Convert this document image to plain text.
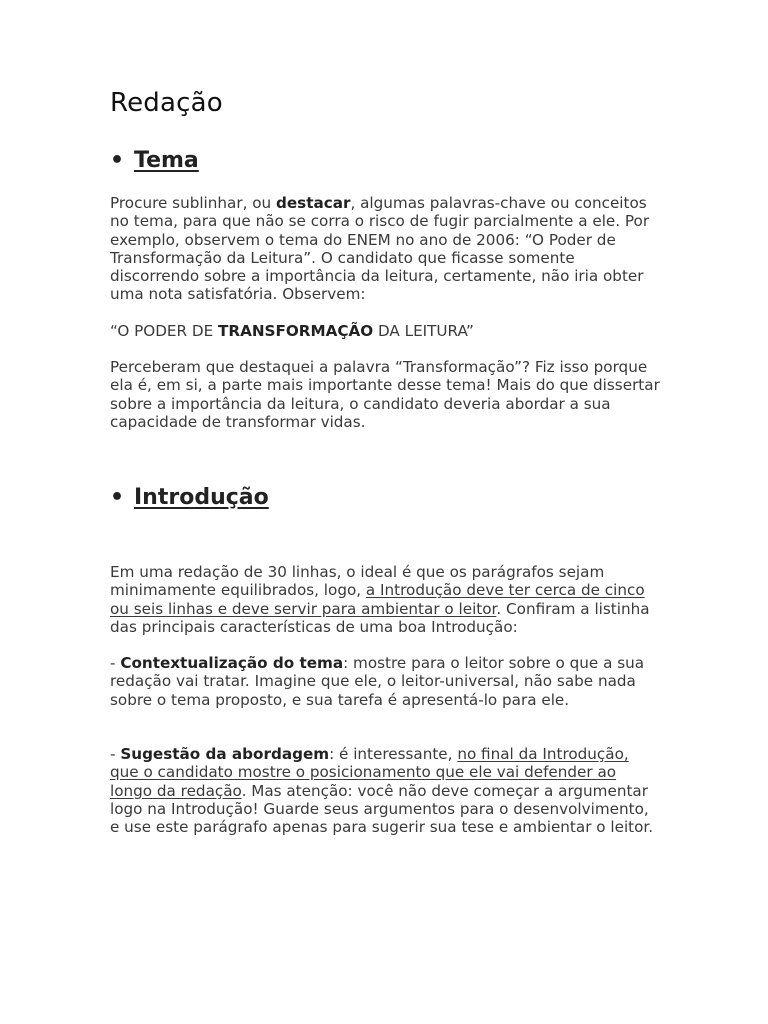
Redação
• Tema

Procure sublinhar, ou destacar, algumas palavras-chave ou conceitos no tema, para que não se corra o risco de fugir parcialmente a ele. Por exemplo, observem o tema do ENEM no ano de 2006: “O Poder de Transformação da Leitura”. O candidato que ficasse somente discorrendo sobre a importância da leitura, certamente, não iria obter uma nota satisfatória. Observem:

“O PODER DE TRANSFORMAÇÃO DA LEITURA”

Perceberam que destaquei a palavra “Transformação”? Fiz isso porque ela é, em si, a parte mais importante desse tema! Mais do que dissertar sobre a importância da leitura, o candidato deveria abordar a sua capacidade de transformar vidas.

• Introdução

Em uma redação de 30 linhas, o ideal é que os parágrafos sejam minimamente equilibrados, logo, a Introdução deve ter cerca de cinco ou seis linhas e deve servir para ambientar o leitor. Confiram a listinha das principais características de uma boa Introdução:

- Contextualização do tema: mostre para o leitor sobre o que a sua redação vai tratar. Imagine que ele, o leitor-universal, não sabe nada sobre o tema proposto, e sua tarefa é apresentá-lo para ele.

- Sugestão da abordagem: é interessante, no final da Introdução, que o candidato mostre o posicionamento que ele vai defender ao longo da redação. Mas atenção: você não deve começar a argumentar logo na Introdução! Guarde seus argumentos para o desenvolvimento, e use este parágrafo apenas para sugerir sua tese e ambientar o leitor.
